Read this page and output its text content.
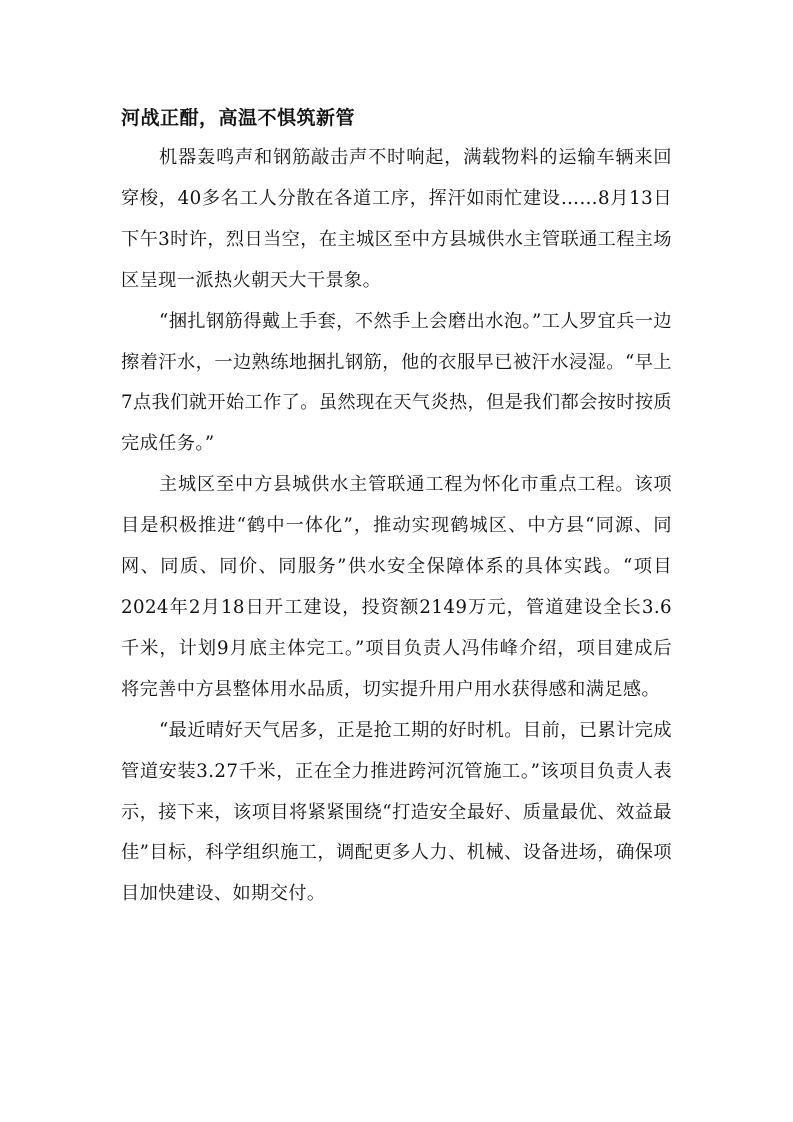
河战正酣，高温不惧筑新管

机器轰鸣声和钢筋敲击声不时响起，满载物料的运输车辆来回穿梭，40多名工人分散在各道工序，挥汗如雨忙建设……8月13日下午3时许，烈日当空，在主城区至中方县城供水主管联通工程主场区呈现一派热火朝天大干景象。

“捆扎钢筋得戴上手套，不然手上会磨出水泡。”工人罗宜兵一边擦着汗水，一边熟练地捆扎钢筋，他的衣服早已被汗水浸湿。“早上7点我们就开始工作了。虽然现在天气炎热，但是我们都会按时按质完成任务。”

主城区至中方县城供水主管联通工程为怀化市重点工程。该项目是积极推进“鹤中一体化”，推动实现鹤城区、中方县“同源、同网、同质、同价、同服务”供水安全保障体系的具体实践。“项目2024年2月18日开工建设，投资额2149万元，管道建设全长3.6千米，计划9月底主体完工。”项目负责人冯伟峰介绍，项目建成后将完善中方县整体用水品质，切实提升用户用水获得感和满足感。

“最近晴好天气居多，正是抢工期的好时机。目前，已累计完成管道安装3.27千米，正在全力推进跨河沉管施工。”该项目负责人表示，接下来，该项目将紧紧围绕“打造安全最好、质量最优、效益最佳”目标，科学组织施工，调配更多人力、机械、设备进场，确保项目加快建设、如期交付。
